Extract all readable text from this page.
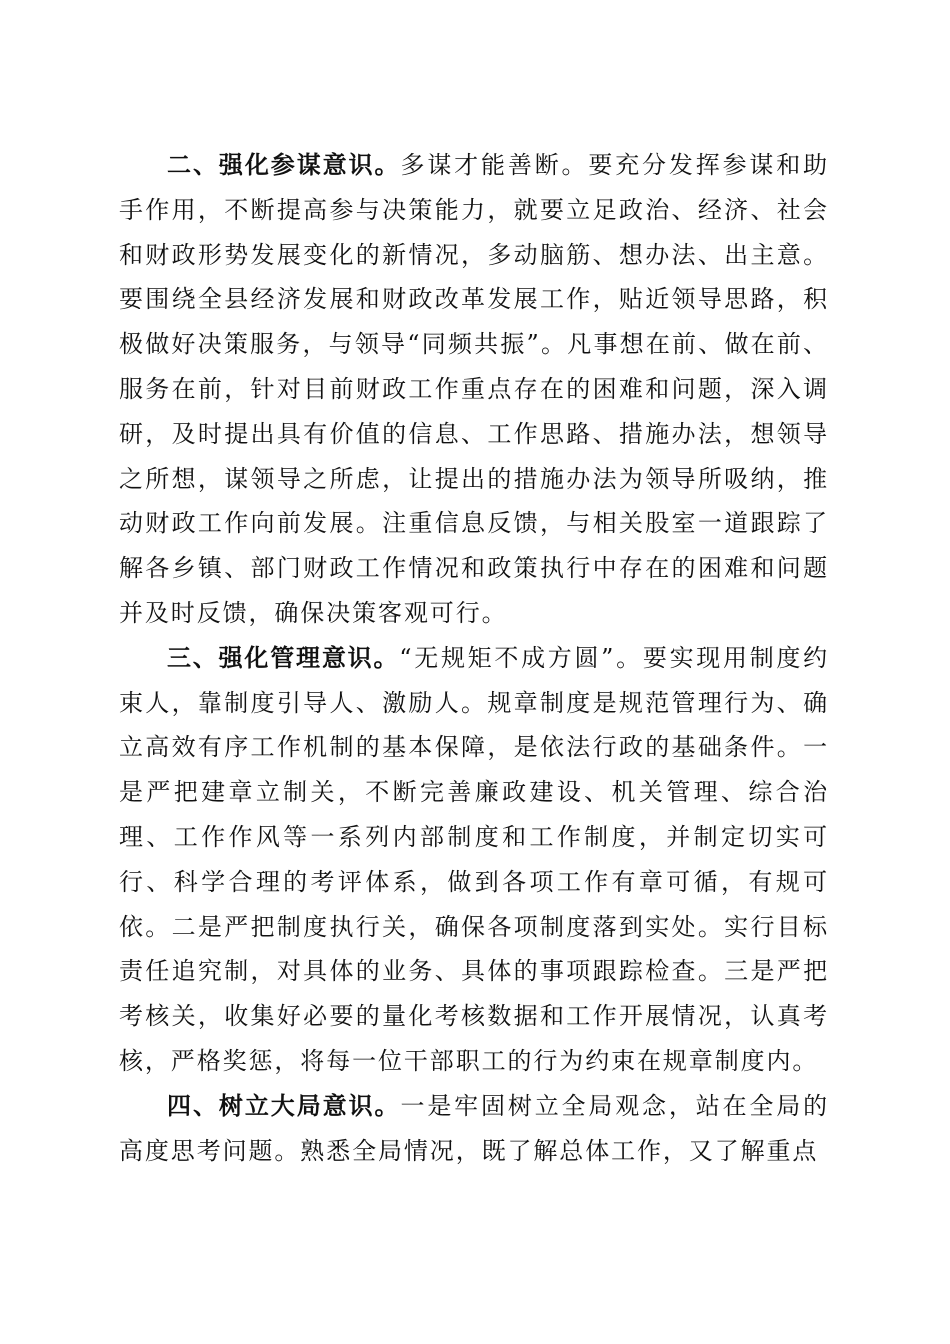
二、强化参谋意识。多谋才能善断。要充分发挥参谋和助手作用，不断提高参与决策能力，就要立足政治、经济、社会和财政形势发展变化的新情况，多动脑筋、想办法、出主意。要围绕全县经济发展和财政改革发展工作，贴近领导思路，积极做好决策服务，与领导“同频共振”。凡事想在前、做在前、服务在前，针对目前财政工作重点存在的困难和问题，深入调研，及时提出具有价值的信息、工作思路、措施办法，想领导之所想，谋领导之所虑，让提出的措施办法为领导所吸纳，推动财政工作向前发展。注重信息反馈，与相关股室一道跟踪了解各乡镇、部门财政工作情况和政策执行中存在的困难和问题并及时反馈，确保决策客观可行。

三、强化管理意识。“无规矩不成方圆”。要实现用制度约束人，靠制度引导人、激励人。规章制度是规范管理行为、确立高效有序工作机制的基本保障，是依法行政的基础条件。一是严把建章立制关，不断完善廉政建设、机关管理、综合治理、工作作风等一系列内部制度和工作制度，并制定切实可行、科学合理的考评体系，做到各项工作有章可循，有规可依。二是严把制度执行关，确保各项制度落到实处。实行目标责任追究制，对具体的业务、具体的事项跟踪检查。三是严把考核关，收集好必要的量化考核数据和工作开展情况，认真考核，严格奖惩，将每一位干部职工的行为约束在规章制度内。

四、树立大局意识。一是牢固树立全局观念，站在全局的高度思考问题。熟悉全局情况，既了解总体工作，又了解重点
